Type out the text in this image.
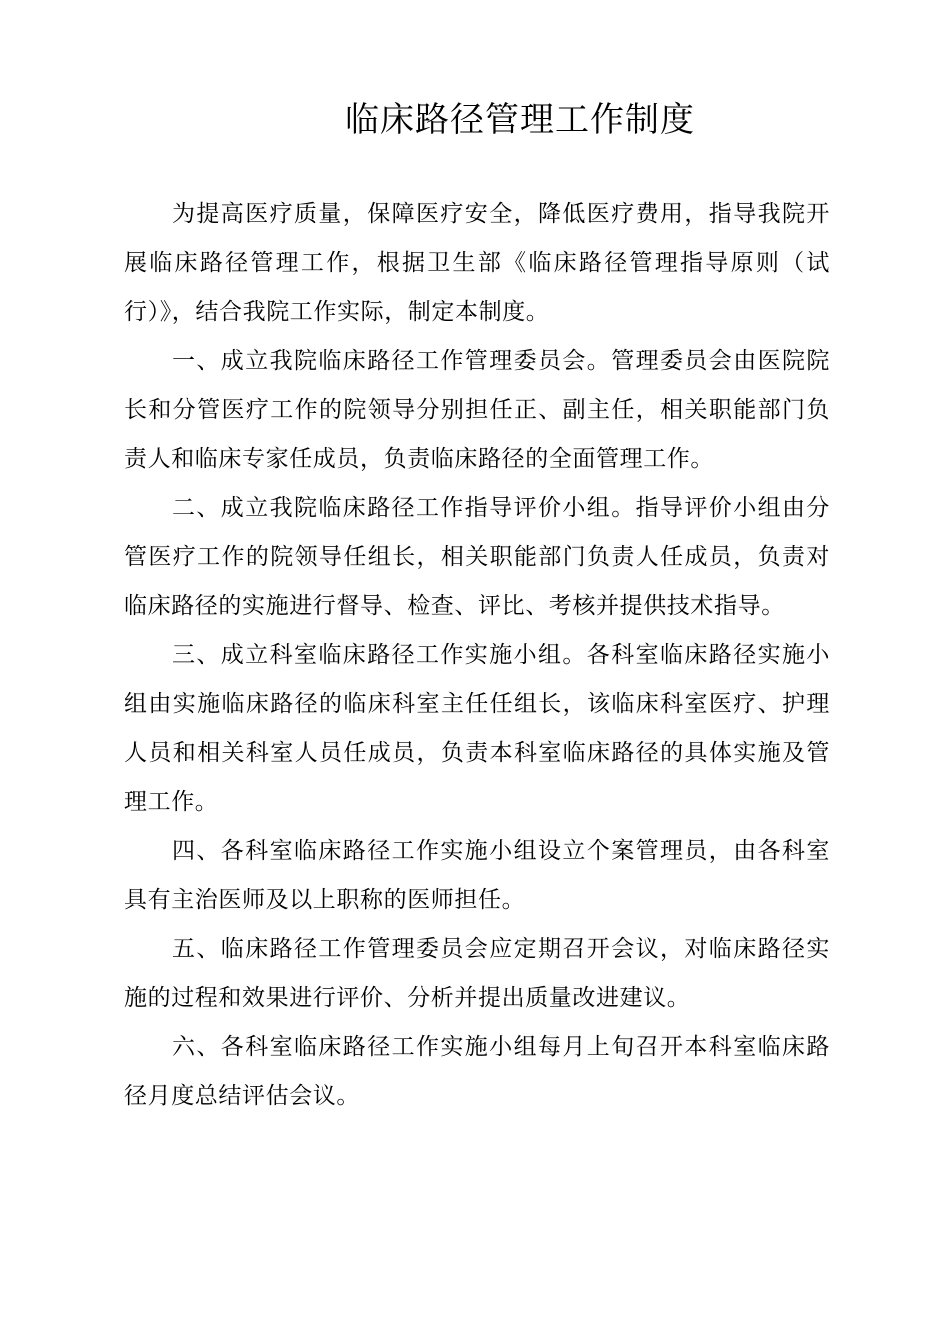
临床路径管理工作制度

为提高医疗质量，保障医疗安全，降低医疗费用，指导我院开展临床路径管理工作，根据卫生部《临床路径管理指导原则（试行）》，结合我院工作实际，制定本制度。

一、成立我院临床路径工作管理委员会。管理委员会由医院院长和分管医疗工作的院领导分别担任正、副主任，相关职能部门负责人和临床专家任成员，负责临床路径的全面管理工作。

二、成立我院临床路径工作指导评价小组。指导评价小组由分管医疗工作的院领导任组长，相关职能部门负责人任成员，负责对临床路径的实施进行督导、检查、评比、考核并提供技术指导。

三、成立科室临床路径工作实施小组。各科室临床路径实施小组由实施临床路径的临床科室主任任组长，该临床科室医疗、护理人员和相关科室人员任成员，负责本科室临床路径的具体实施及管理工作。

四、各科室临床路径工作实施小组设立个案管理员，由各科室具有主治医师及以上职称的医师担任。

五、临床路径工作管理委员会应定期召开会议，对临床路径实施的过程和效果进行评价、分析并提出质量改进建议。

六、各科室临床路径工作实施小组每月上旬召开本科室临床路径月度总结评估会议。
